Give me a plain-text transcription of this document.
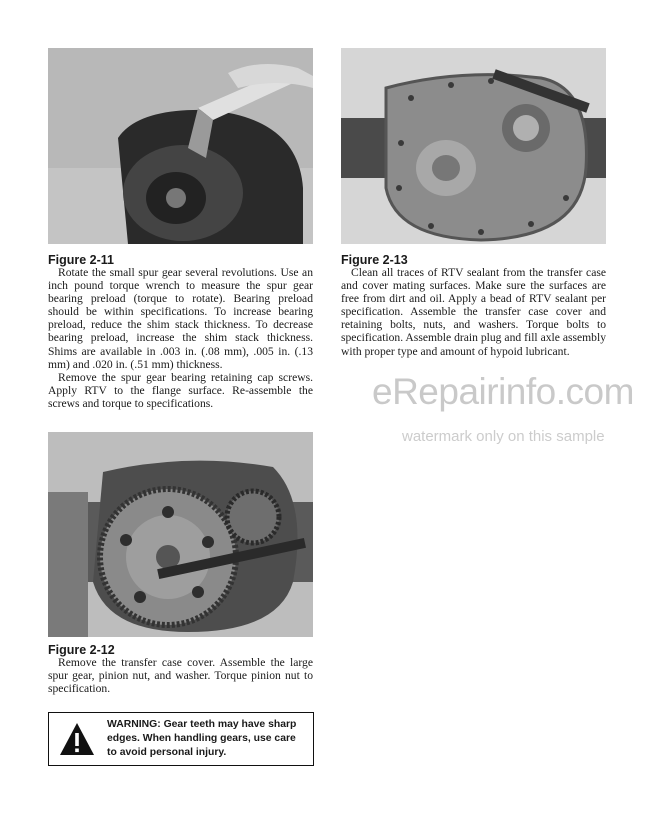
Figure 2-11

Rotate the small spur gear several revolutions. Use an inch pound torque wrench to measure the spur gear bearing preload (torque to rotate). Bearing preload should be within specifications. To increase bearing preload, reduce the shim stack thickness. To decrease bearing preload, increase the shim stack thickness. Shims are available in .003 in. (.08 mm), .005 in. (.13 mm) and .020 in. (.51 mm) thickness.

Remove the spur gear bearing retaining cap screws. Apply RTV to the flange surface. Re-assemble the screws and torque to specifications.

Figure 2-13

Clean all traces of RTV sealant from the transfer case and cover mating surfaces. Make sure the surfaces are free from dirt and oil. Apply a bead of RTV sealant per specification. Assemble the transfer case cover and retaining bolts, nuts, and washers. Torque bolts to specification. Assemble drain plug and fill axle assembly with proper type and amount of hypoid lubricant.

Figure 2-12

Remove the transfer case cover. Assemble the large spur gear, pinion nut, and washer. Torque pinion nut to specification.

WARNING: Gear teeth may have sharp edges. When handling gears, use care to avoid personal injury.
eRepairinfo.com
watermark only on this sample
